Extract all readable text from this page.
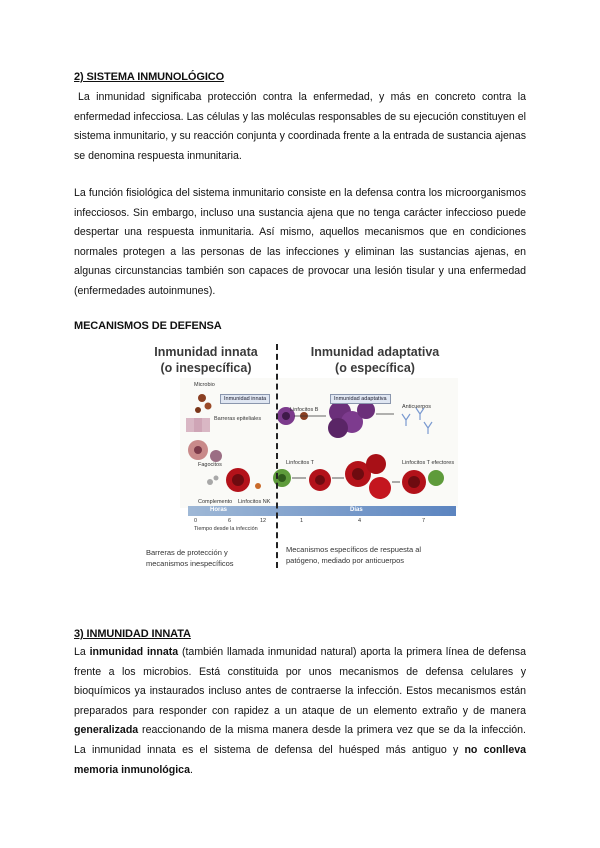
2) SISTEMA INMUNOLÓGICO

La inmunidad significaba protección contra la enfermedad, y más en concreto contra la enfermedad infecciosa. Las células y las moléculas responsables de su ejecución constituyen el sistema inmunitario, y su reacción conjunta y coordinada frente a la entrada de sustancia ajenas se denomina respuesta inmunitaria.

La función fisiológica del sistema inmunitario consiste en la defensa contra los microorganismos infecciosos. Sin embargo, incluso una sustancia ajena que no tenga carácter infeccioso puede despertar una respuesta inmunitaria. Así mismo, aquellos mecanismos que en condiciones normales protegen a las personas de las infecciones y eliminan las sustancias ajenas, en algunas circunstancias también son capaces de provocar una lesión tisular y una enfermedad (enfermedades autoinmunes).

MECANISMOS DE DEFENSA
Inmunidad innata
(o inespecífica)
Inmunidad adaptativa
(o específica)
Microbio
Inmunidad innata
Barreras epiteliales
Fagocitos
Complemento Linfocitos NK
Inmunidad adaptativa
Linfocitos B	Anticuerpos
Linfocitos T	Linfocitos T efectores
Horas	Días
0	6	12	1	4	7
Tiempo desde la infección
Barreras de protección y
mecanismos inespecíficos
Mecanismos específicos de respuesta al
patógeno, mediado por anticuerpos
3) INMUNIDAD INNATA

La inmunidad innata (también llamada inmunidad natural) aporta la primera línea de defensa frente a los microbios. Está constituida por unos mecanismos de defensa celulares y bioquímicos ya instaurados incluso antes de contraerse la infección. Estos mecanismos están preparados para responder con rapidez a un ataque de un elemento extraño y de manera generalizada reaccionando de la misma manera desde la primera vez que se da la infección. La inmunidad innata es el sistema de defensa del huésped más antiguo y no conlleva memoria inmunológica.
